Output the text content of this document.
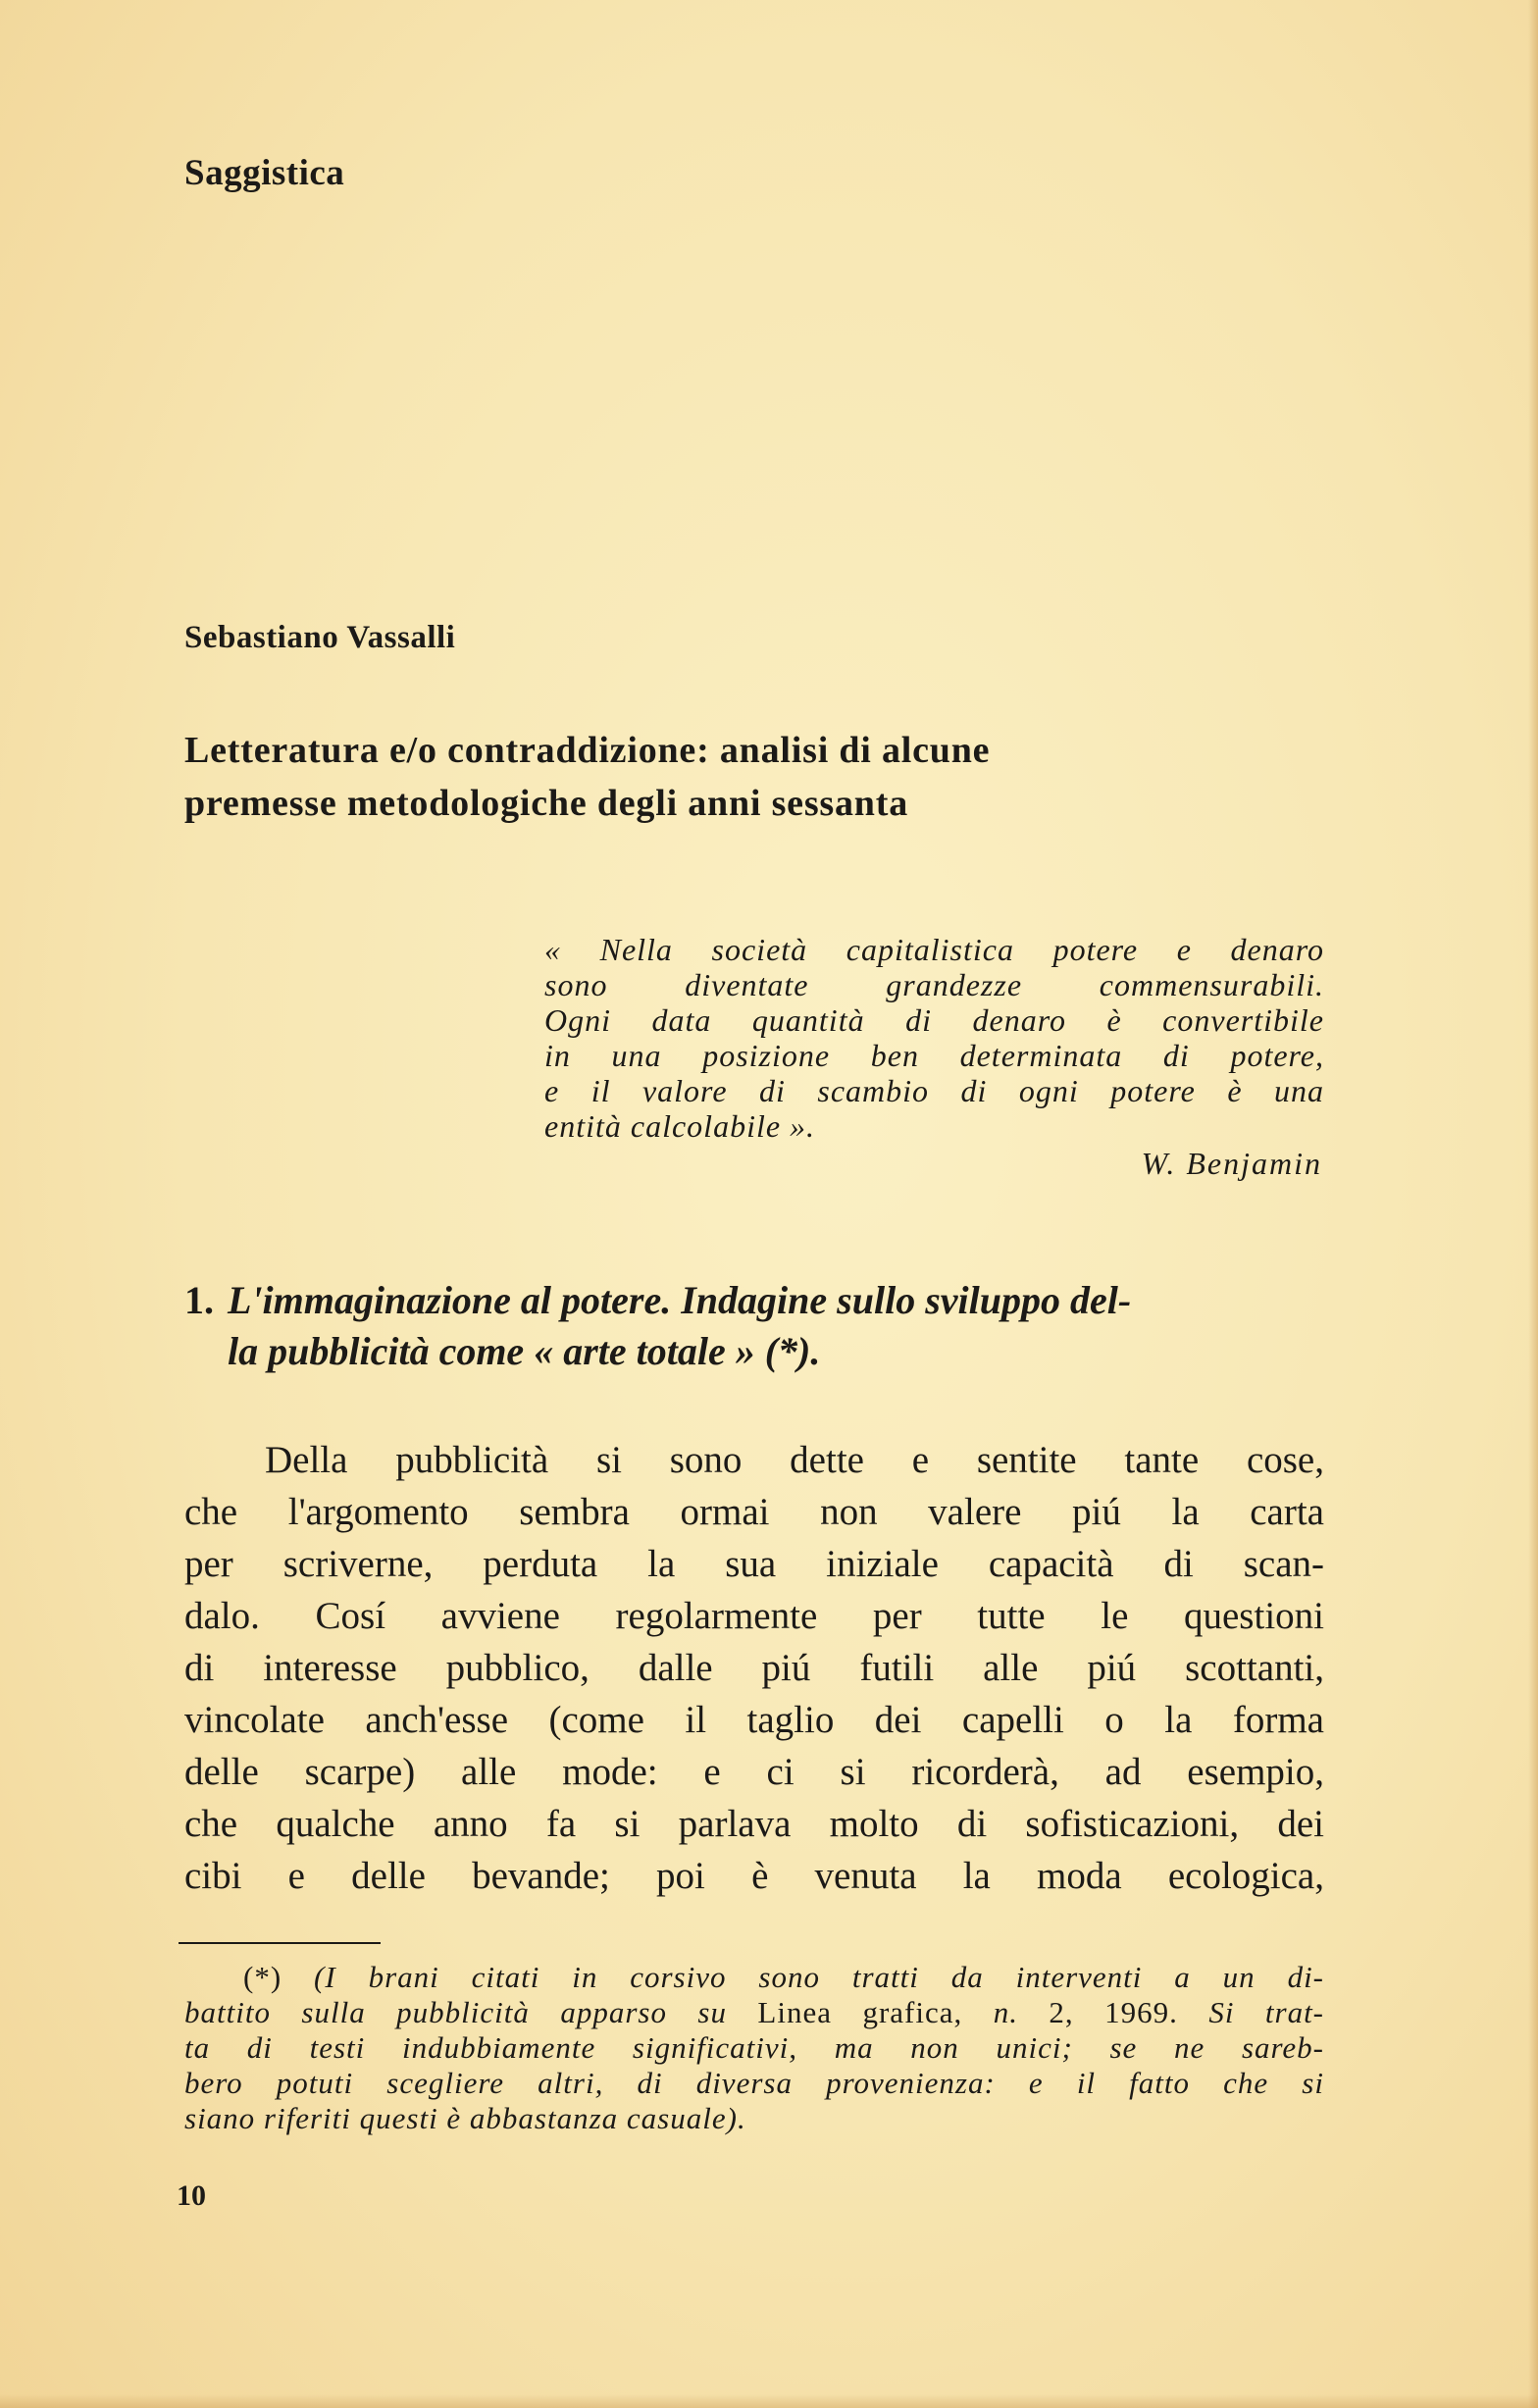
Saggistica

Sebastiano Vassalli

Letteratura e/o contraddizione: analisi di alcune
premesse metodologiche degli anni sessanta
« Nella società capitalistica potere e denaro
sono diventate grandezze commensurabili.
Ogni data quantità di denaro è convertibile
in una posizione ben determinata di potere,
e il valore di scambio di ogni potere è una
entità calcolabile ».
W. Benjamin
1. L'immaginazione al potere. Indagine sullo sviluppo del-
la pubblicità come « arte totale » (*).
Della pubblicità si sono dette e sentite tante cose,
che l'argomento sembra ormai non valere piú la carta
per scriverne, perduta la sua iniziale capacità di scan-
dalo. Cosí avviene regolarmente per tutte le questioni
di interesse pubblico, dalle piú futili alle piú scottanti,
vincolate anch'esse (come il taglio dei capelli o la forma
delle scarpe) alle mode: e ci si ricorderà, ad esempio,
che qualche anno fa si parlava molto di sofisticazioni, dei
cibi e delle bevande; poi è venuta la moda ecologica,
(*) (I brani citati in corsivo sono tratti da interventi a un di-
battito sulla pubblicità apparso su Linea grafica, n. 2, 1969. Si trat-
ta di testi indubbiamente significativi, ma non unici; se ne sareb-
bero potuti scegliere altri, di diversa provenienza: e il fatto che si
siano riferiti questi è abbastanza casuale).

10
